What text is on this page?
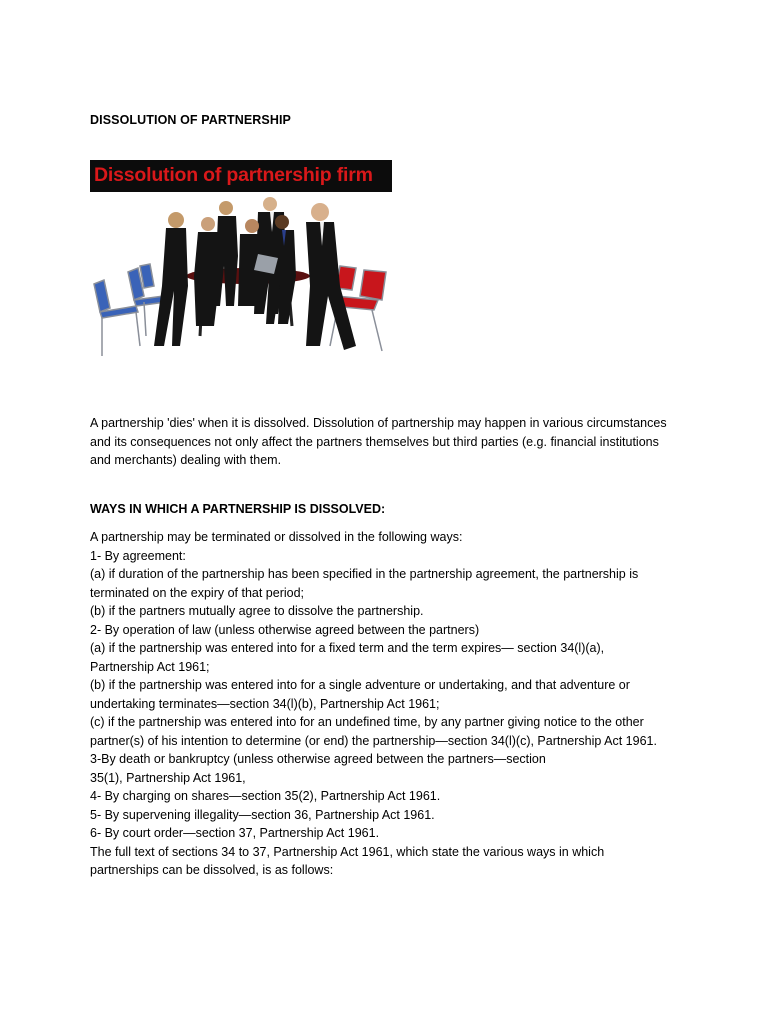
DISSOLUTION OF PARTNERSHIP
Dissolution of partnership firm

A partnership 'dies' when it is dissolved. Dissolution of partnership may happen in various circumstances

and its consequences not only affect the partners themselves but third parties (e.g. financial institutions

and merchants) dealing with them.

WAYS IN WHICH A PARTNERSHIP IS DISSOLVED:

A partnership may be terminated or dissolved in the following ways:

1- By agreement:

(a) if duration of the partnership has been specified in the partnership agreement, the partnership is

terminated on the expiry of that period;

(b) if the partners mutually agree to dissolve the partnership.

2- By operation of law (unless otherwise agreed between the partners)

(a) if the partnership was entered into for a fixed term and the term expires— section 34(l)(a),

Partnership Act 1961;

(b) if the partnership was entered into for a single adventure or undertaking, and that adventure or

undertaking terminates—section 34(l)(b), Partnership Act 1961;

(c) if the partnership was entered into for an undefined time, by any partner giving notice to the other

partner(s) of his intention to determine (or end) the partnership—section 34(l)(c), Partnership Act 1961.

3-By death or bankruptcy (unless otherwise agreed between the partners—section

35(1), Partnership Act 1961,

4- By charging on shares—section 35(2), Partnership Act 1961.

5- By supervening illegality—section 36, Partnership Act 1961.

6- By court order—section 37, Partnership Act 1961.

The full text of sections 34 to 37, Partnership Act 1961, which state the various ways in which

partnerships can be dissolved, is as follows:
